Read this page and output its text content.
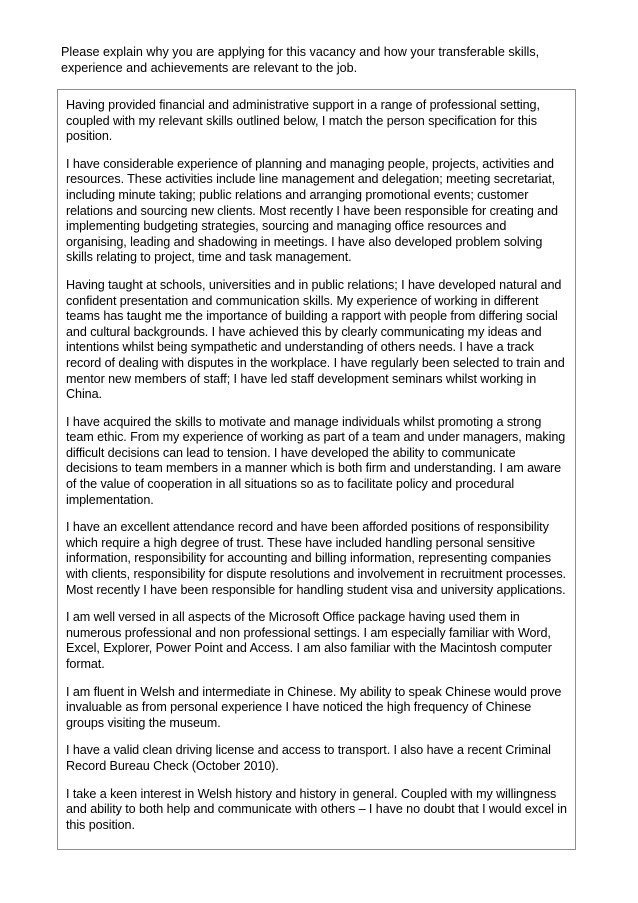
Please explain why you are applying for this vacancy and how your transferable skills, experience and achievements are relevant to the job.

Having provided financial and administrative support in a range of professional setting, coupled with my relevant skills outlined below, I match the person specification for this position.

I have considerable experience of planning and managing people, projects, activities and resources. These activities include line management and delegation; meeting secretariat, including minute taking; public relations and arranging promotional events; customer relations and sourcing new clients. Most recently I have been responsible for creating and implementing budgeting strategies, sourcing and managing office resources and organising, leading and shadowing in meetings. I have also developed problem solving skills relating to project, time and task management.

Having taught at schools, universities and in public relations; I have developed natural and confident presentation and communication skills. My experience of working in different teams has taught me the importance of building a rapport with people from differing social and cultural backgrounds. I have achieved this by clearly communicating my ideas and intentions whilst being sympathetic and understanding of others needs. I have a track record of dealing with disputes in the workplace. I have regularly been selected to train and mentor new members of staff; I have led staff development seminars whilst working in China.

I have acquired the skills to motivate and manage individuals whilst promoting a strong team ethic. From my experience of working as part of a team and under managers, making difficult decisions can lead to tension. I have developed the ability to communicate decisions to team members in a manner which is both firm and understanding. I am aware of the value of cooperation in all situations so as to facilitate policy and procedural implementation.

I have an excellent attendance record and have been afforded positions of responsibility which require a high degree of trust. These have included handling personal sensitive information, responsibility for accounting and billing information, representing companies with clients, responsibility for dispute resolutions and involvement in recruitment processes. Most recently I have been responsible for handling student visa and university applications.

I am well versed in all aspects of the Microsoft Office package having used them in numerous professional and non professional settings. I am especially familiar with Word, Excel, Explorer, Power Point and Access. I am also familiar with the Macintosh computer format.

I am fluent in Welsh and intermediate in Chinese. My ability to speak Chinese would prove invaluable as from personal experience I have noticed the high frequency of Chinese groups visiting the museum.

I have a valid clean driving license and access to transport. I also have a recent Criminal Record Bureau Check (October 2010).

I take a keen interest in Welsh history and history in general. Coupled with my willingness and ability to both help and communicate with others – I have no doubt that I would excel in this position.
